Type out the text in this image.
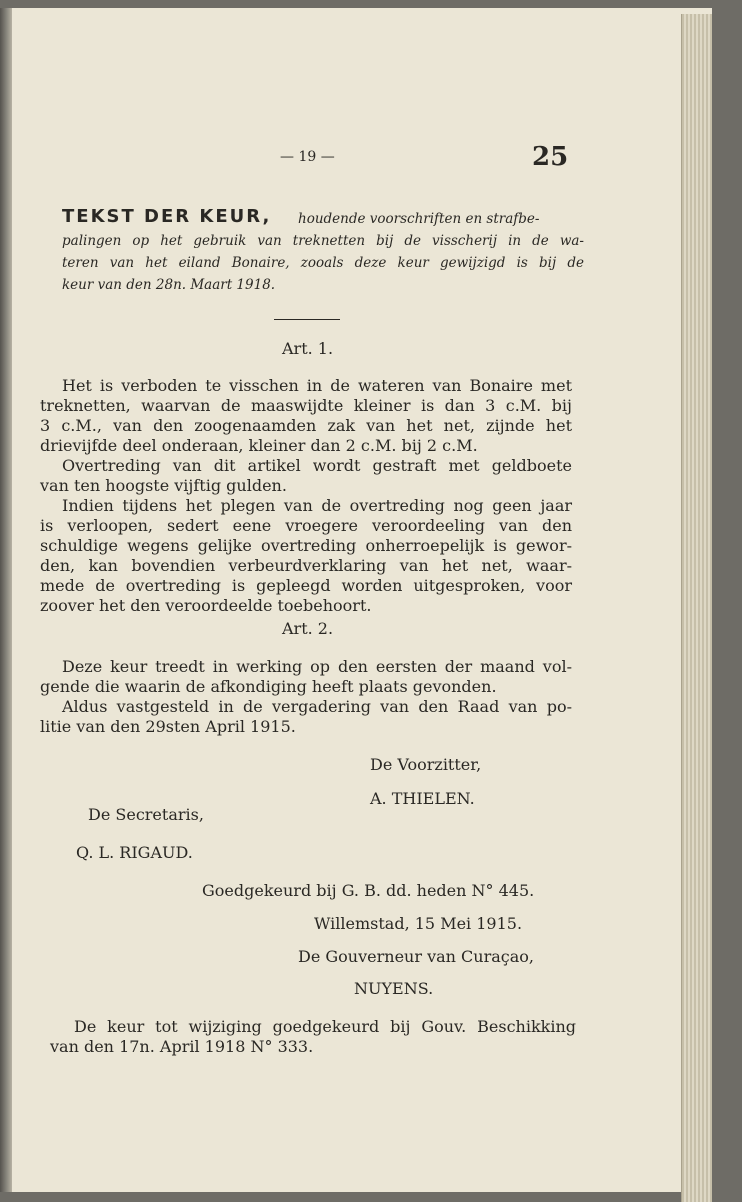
— 19 —	25
TEKST DER KEUR, houdende voorschriften en strafbe-
palingen op het gebruik van treknetten bij de visscherij in de wa-
teren van het eiland Bonaire, zooals deze keur gewijzigd is bij de
keur van den 28n. Maart 1918.
Art. 1.
Het is verboden te visschen in de wateren van Bonaire met
treknetten, waarvan de maaswijdte kleiner is dan 3 c.M. bij
3 c.M., van den zoogenaamden zak van het net, zijnde het
drievijfde deel onderaan, kleiner dan 2 c.M. bij 2 c.M.
Overtreding van dit artikel wordt gestraft met geldboete
van ten hoogste vijftig gulden.
Indien tijdens het plegen van de overtreding nog geen jaar
is verloopen, sedert eene vroegere veroordeeling van den
schuldige wegens gelijke overtreding onherroepelijk is gewor-
den, kan bovendien verbeurdverklaring van het net, waar-
mede de overtreding is gepleegd worden uitgesproken, voor
zoover het den veroordeelde toebehoort.
Art. 2.
Deze keur treedt in werking op den eersten der maand vol-
gende die waarin de afkondiging heeft plaats gevonden.
Aldus vastgesteld in de vergadering van den Raad van po-
litie van den 29sten April 1915.
De Voorzitter,
A. THIELEN.
De Secretaris,
Q. L. RIGAUD.
Goedgekeurd bij G. B. dd. heden N° 445.
Willemstad, 15 Mei 1915.
De Gouverneur van Curaçao,
NUYENS.
De keur tot wijziging goedgekeurd bij Gouv. Beschikking
van den 17n. April 1918 N° 333.
